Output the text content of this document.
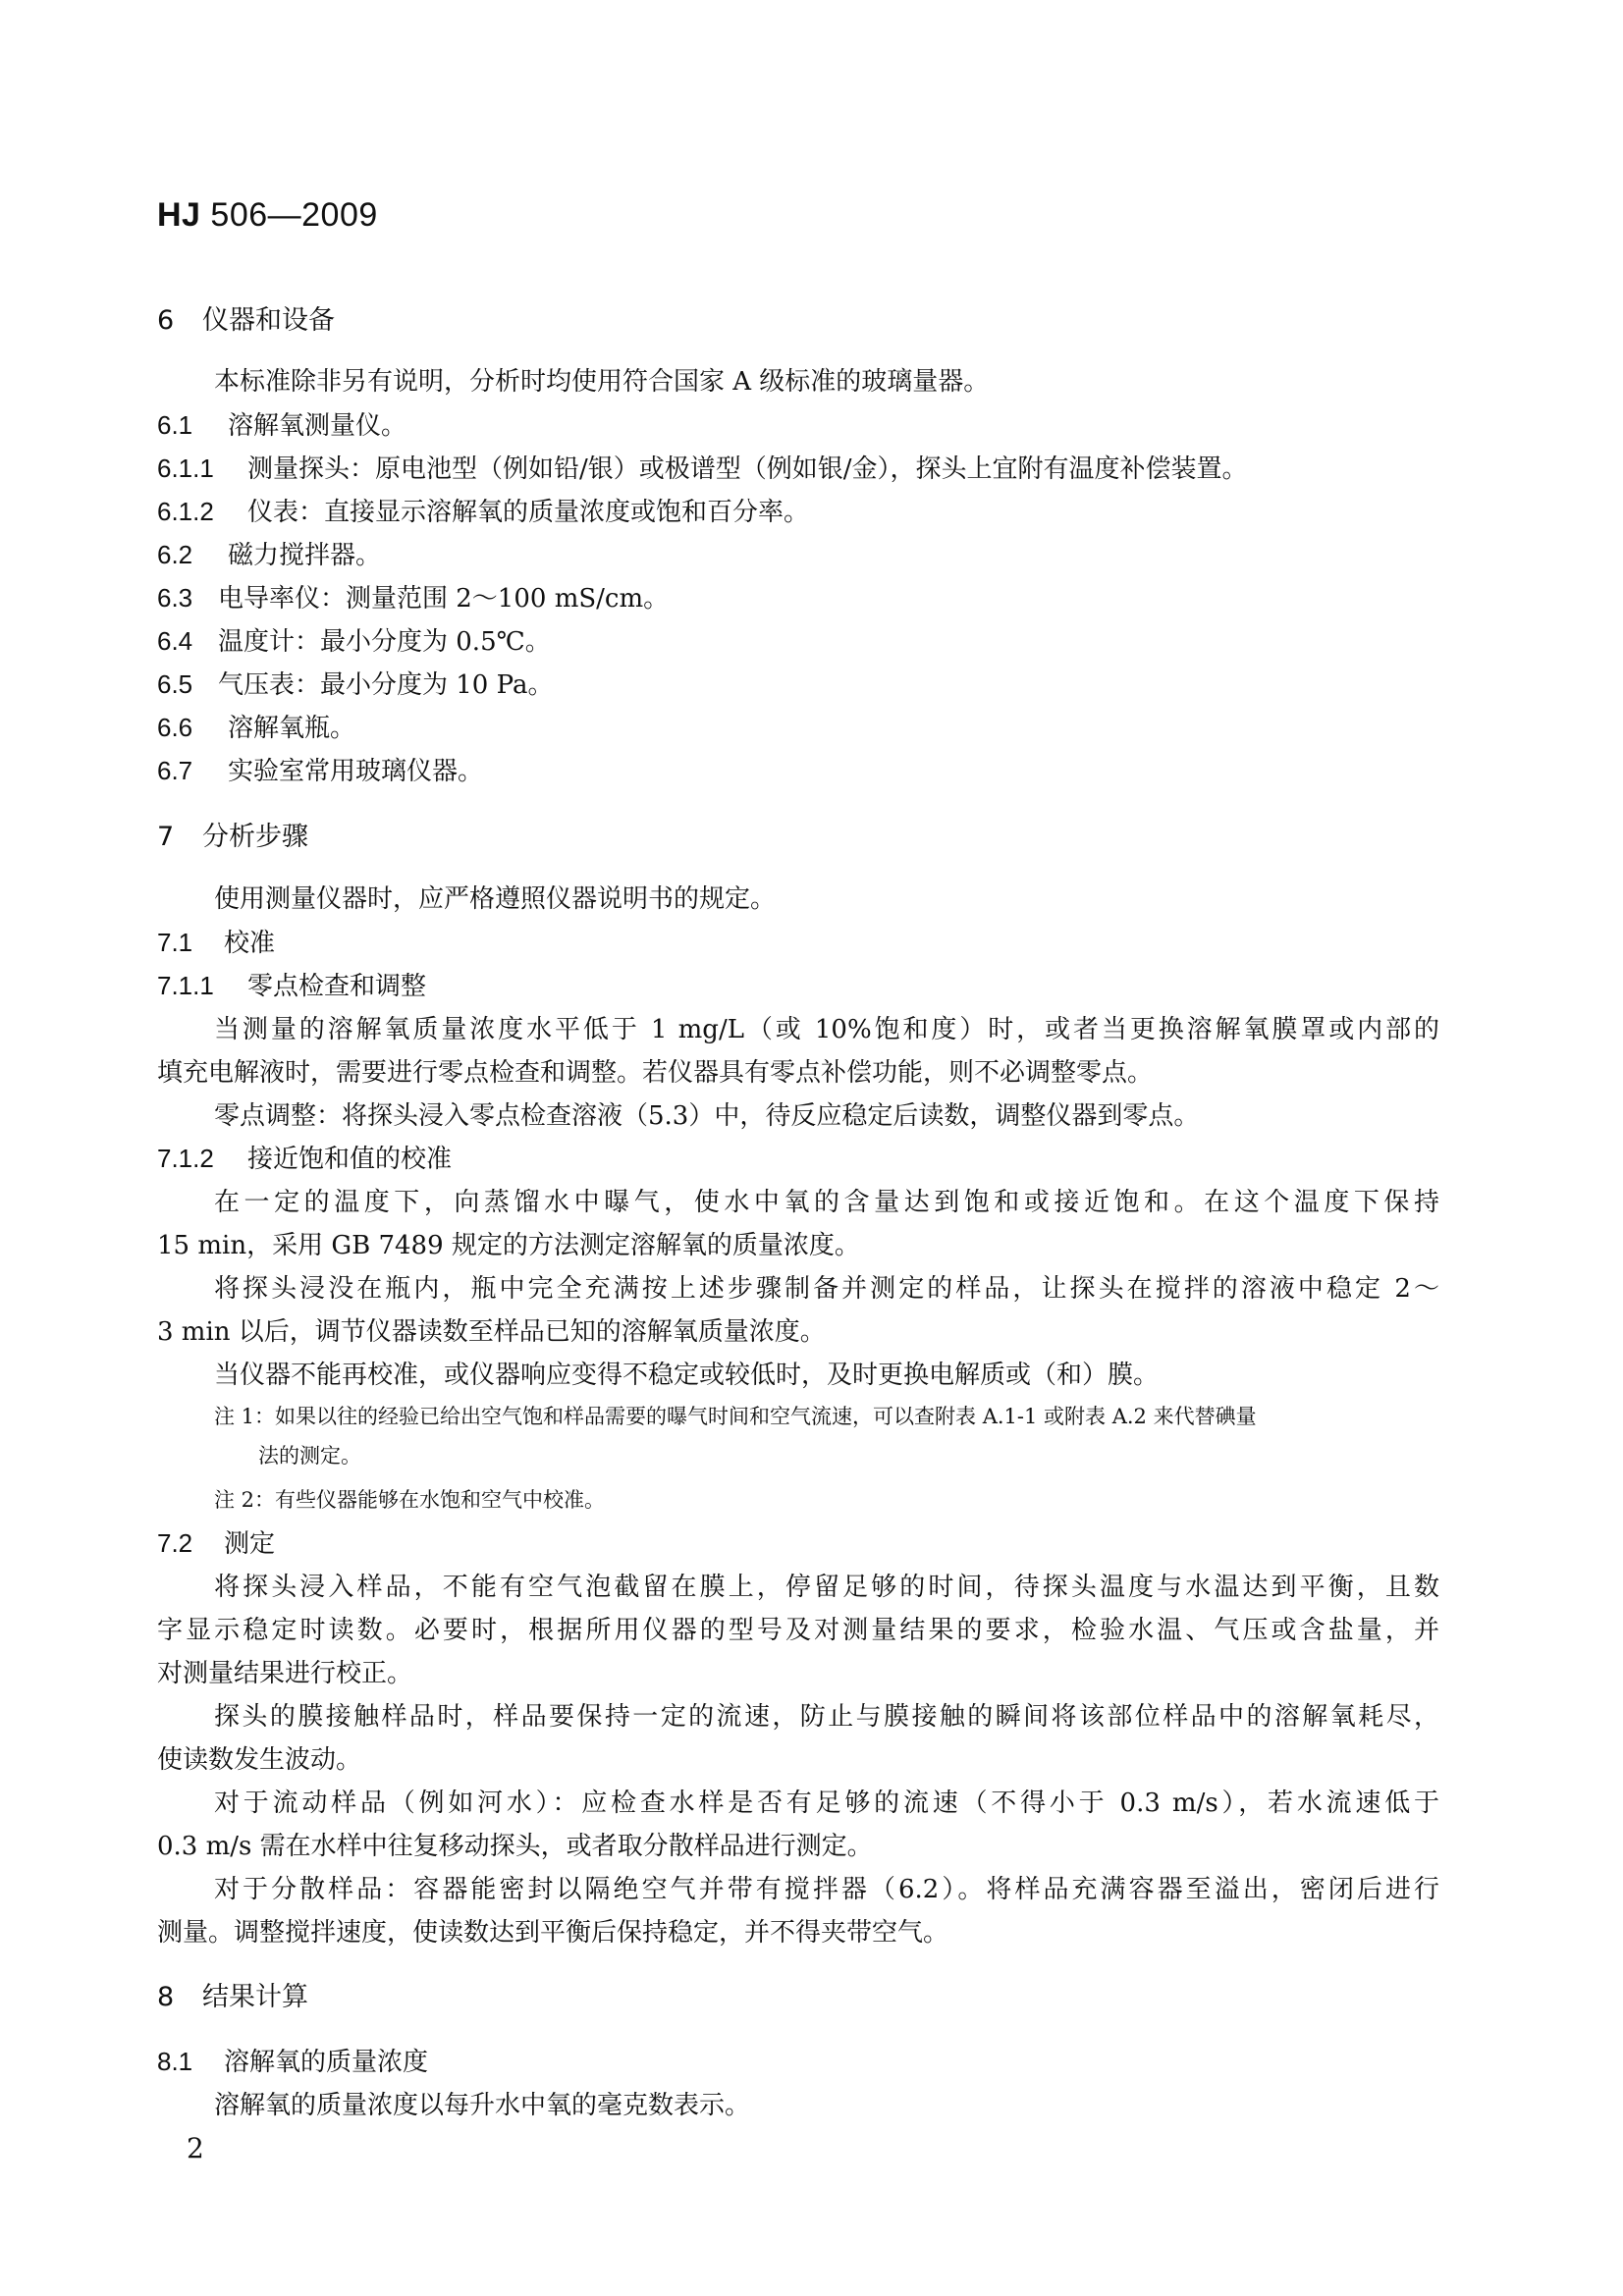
HJ 506—2009
6 仪器和设备
本标准除非另有说明，分析时均使用符合国家 A 级标准的玻璃量器。
6.1 溶解氧测量仪。
6.1.1 测量探头：原电池型（例如铅/银）或极谱型（例如银/金），探头上宜附有温度补偿装置。
6.1.2 仪表：直接显示溶解氧的质量浓度或饱和百分率。
6.2 磁力搅拌器。
6.3 电导率仪：测量范围 2～100 mS/cm。
6.4 温度计：最小分度为 0.5℃。
6.5 气压表：最小分度为 10 Pa。
6.6 溶解氧瓶。
6.7 实验室常用玻璃仪器。
7 分析步骤
使用测量仪器时，应严格遵照仪器说明书的规定。
7.1 校准
7.1.1 零点检查和调整
当测量的溶解氧质量浓度水平低于 1 mg/L（或 10%饱和度）时，或者当更换溶解氧膜罩或内部的
填充电解液时，需要进行零点检查和调整。若仪器具有零点补偿功能，则不必调整零点。
零点调整：将探头浸入零点检查溶液（5.3）中，待反应稳定后读数，调整仪器到零点。
7.1.2 接近饱和值的校准
在一定的温度下，向蒸馏水中曝气，使水中氧的含量达到饱和或接近饱和。在这个温度下保持
15 min，采用 GB 7489 规定的方法测定溶解氧的质量浓度。
将探头浸没在瓶内，瓶中完全充满按上述步骤制备并测定的样品，让探头在搅拌的溶液中稳定 2～
3 min 以后，调节仪器读数至样品已知的溶解氧质量浓度。
当仪器不能再校准，或仪器响应变得不稳定或较低时，及时更换电解质或（和）膜。
注 1：如果以往的经验已给出空气饱和样品需要的曝气时间和空气流速，可以查附表 A.1-1 或附表 A.2 来代替碘量
法的测定。
注 2：有些仪器能够在水饱和空气中校准。
7.2 测定
将探头浸入样品，不能有空气泡截留在膜上，停留足够的时间，待探头温度与水温达到平衡，且数
字显示稳定时读数。必要时，根据所用仪器的型号及对测量结果的要求，检验水温、气压或含盐量，并
对测量结果进行校正。
探头的膜接触样品时，样品要保持一定的流速，防止与膜接触的瞬间将该部位样品中的溶解氧耗尽，
使读数发生波动。
对于流动样品（例如河水）：应检查水样是否有足够的流速（不得小于 0.3 m/s），若水流速低于
0.3 m/s 需在水样中往复移动探头，或者取分散样品进行测定。
对于分散样品：容器能密封以隔绝空气并带有搅拌器（6.2）。将样品充满容器至溢出，密闭后进行
测量。调整搅拌速度，使读数达到平衡后保持稳定，并不得夹带空气。
8 结果计算
8.1 溶解氧的质量浓度
溶解氧的质量浓度以每升水中氧的毫克数表示。
2
